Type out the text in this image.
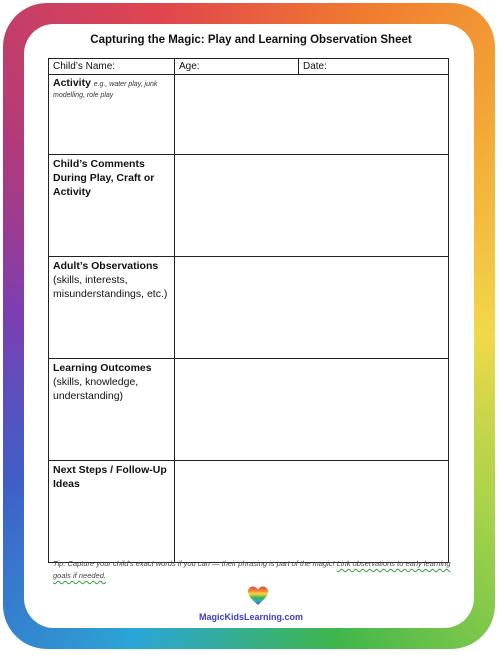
Capturing the Magic: Play and Learning Observation Sheet
Child’s Name:	Age:	Date:
Activity e.g., water play, junk modelling, role play		

Child’s Comments During Play, Craft or Activity		

Adult’s Observations
(skills, interests, misunderstandings, etc.)		

Learning Outcomes
(skills, knowledge, understanding)		

Next Steps / Follow-Up Ideas		

Tip: Capture your child’s exact words if you can — their phrasing is part of the magic! Link observations to early learning goals if needed.
MagicKidsLearning.com
